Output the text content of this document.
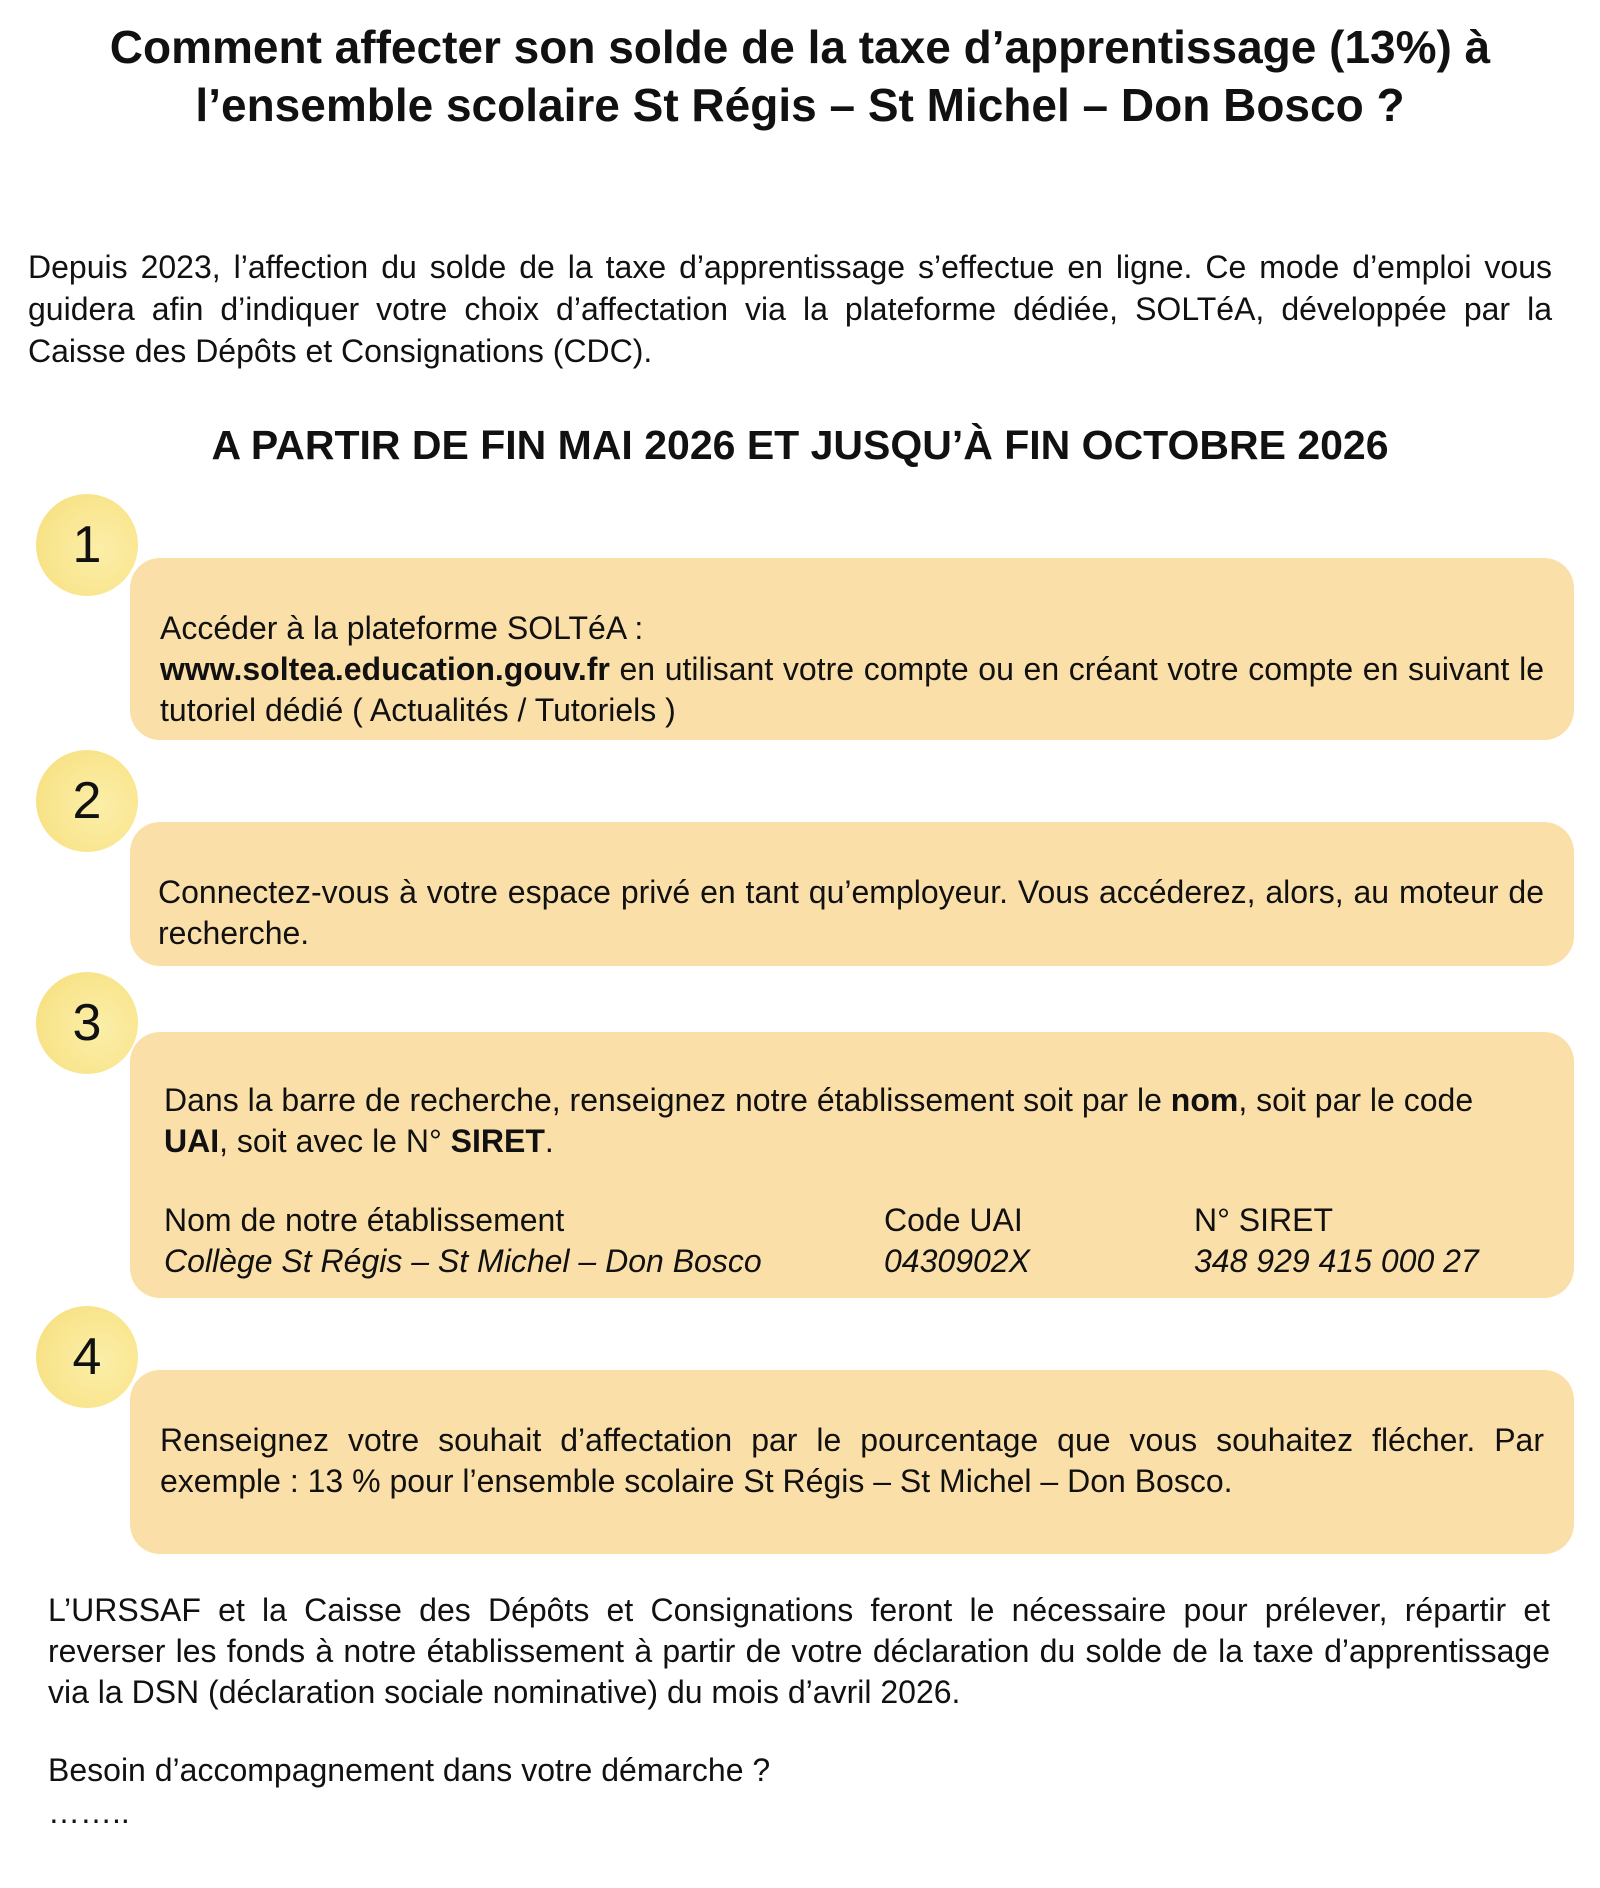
Comment affecter son solde de la taxe d’apprentissage (13%) à l’ensemble scolaire St Régis – St Michel – Don Bosco ?

Depuis 2023, l’affection du solde de la taxe d’apprentissage s’effectue en ligne. Ce mode d’emploi vous guidera afin d’indiquer votre choix d’affectation via la plateforme dédiée, SOLTéA, développée par la Caisse des Dépôts et Consignations (CDC).

A PARTIR DE FIN MAI 2026 ET JUSQU’À FIN OCTOBRE 2026
1

Accéder à la plateforme SOLTéA :

www.soltea.education.gouv.fr en utilisant votre compte ou en créant votre compte en suivant le tutoriel dédié ( Actualités / Tutoriels )

2

Connectez-vous à votre espace privé en tant qu’employeur. Vous accéderez, alors, au moteur de recherche.

3

Dans la barre de recherche, renseignez notre établissement soit par le nom, soit par le code UAI, soit avec le N° SIRET.

Nom de notre établissement
Collège St Régis – St Michel – Don Bosco
Code UAI
0430902X
N° SIRET
348 929 415 000 27
4

Renseignez votre souhait d’affectation par le pourcentage que vous souhaitez flécher. Par exemple : 13 % pour l’ensemble scolaire St Régis – St Michel – Don Bosco.

L’URSSAF et la Caisse des Dépôts et Consignations feront le nécessaire pour prélever, répartir et reverser les fonds à notre établissement à partir de votre déclaration du solde de la taxe d’apprentissage via la DSN (déclaration sociale nominative) du mois d’avril 2026.

Besoin d’accompagnement dans votre démarche ?
……..
